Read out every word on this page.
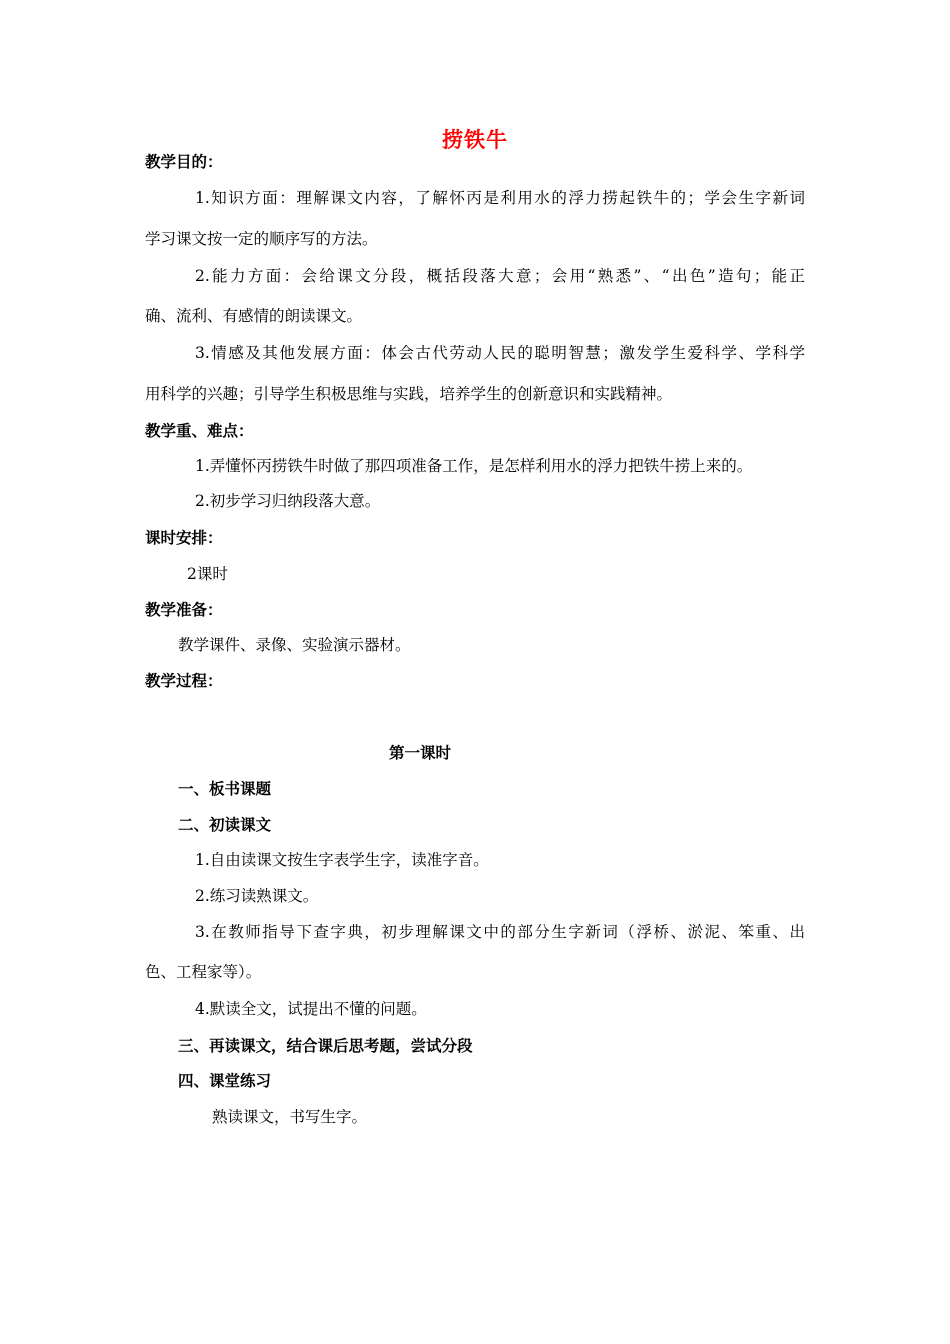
捞铁牛
教学目的：
1.知识方面：理解课文内容，了解怀丙是利用水的浮力捞起铁牛的；学会生字新词
学习课文按一定的顺序写的方法。
2.能力方面：会给课文分段，概括段落大意；会用“熟悉”、“出色”造句；能正
确、流利、有感情的朗读课文。
3.情感及其他发展方面：体会古代劳动人民的聪明智慧；激发学生爱科学、学科学
用科学的兴趣；引导学生积极思维与实践，培养学生的创新意识和实践精神。
教学重、难点：
1.弄懂怀丙捞铁牛时做了那四项准备工作，是怎样利用水的浮力把铁牛捞上来的。
2.初步学习归纳段落大意。
课时安排：
2课时
教学准备：
教学课件、录像、实验演示器材。
教学过程：
第一课时
一、板书课题
二、初读课文
1.自由读课文按生字表学生字，读准字音。
2.练习读熟课文。
3.在教师指导下查字典，初步理解课文中的部分生字新词（浮桥、淤泥、笨重、出
色、工程家等）。
4.默读全文，试提出不懂的问题。
三、再读课文，结合课后思考题，尝试分段
四、课堂练习
熟读课文，书写生字。
